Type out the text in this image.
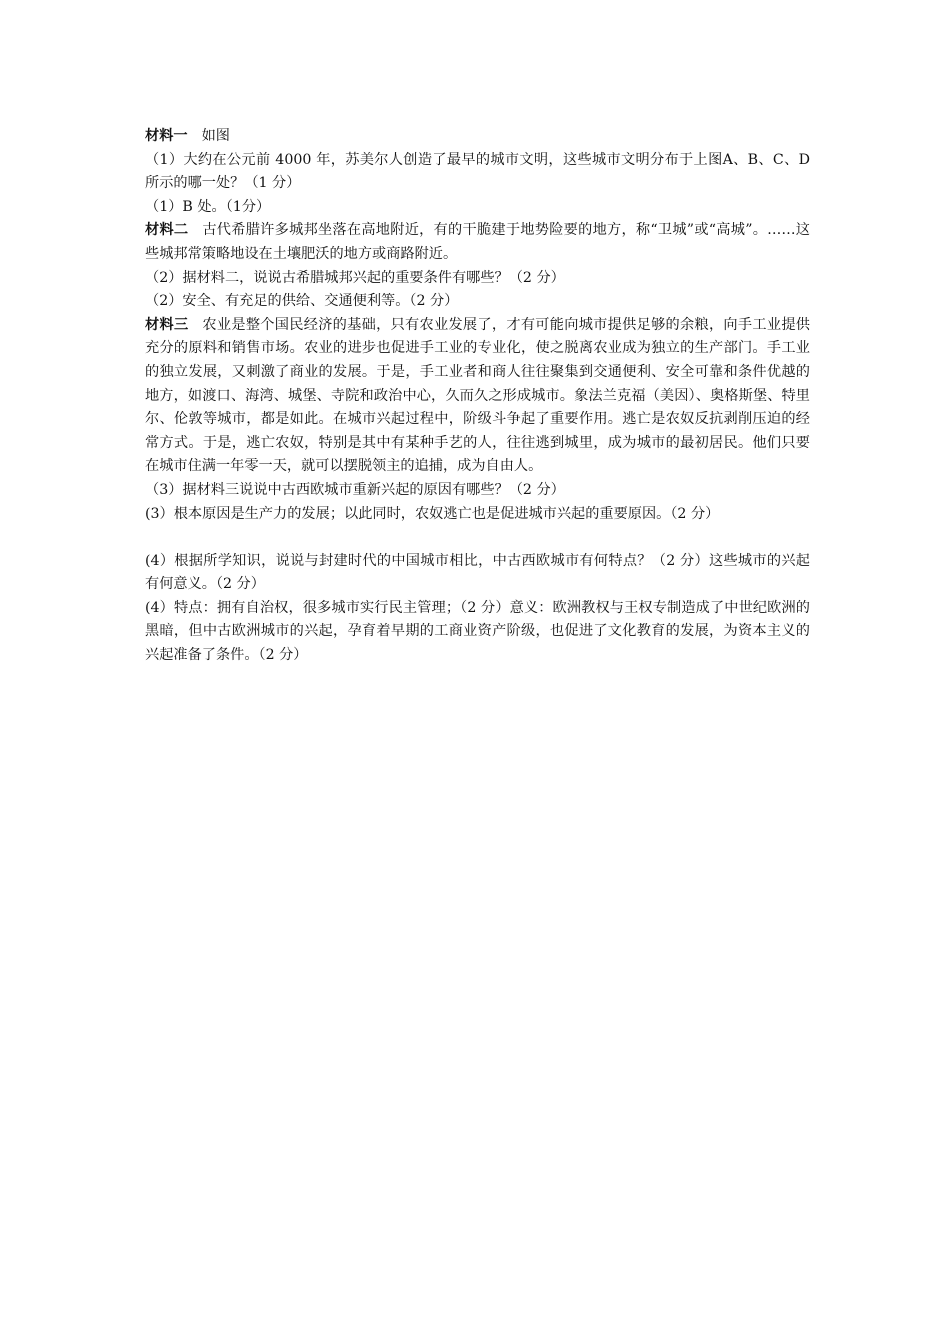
材料一 如图

（1）大约在公元前 4000 年，苏美尔人创造了最早的城市文明，这些城市文明分布于上图A、B、C、D 所示的哪一处？（1 分）

（1）B 处。（1分）

材料二 古代希腊许多城邦坐落在高地附近，有的干脆建于地势险要的地方，称“卫城”或“高城”。……这些城邦常策略地设在土壤肥沃的地方或商路附近。

（2）据材料二，说说古希腊城邦兴起的重要条件有哪些？（2 分）

（2）安全、有充足的供给、交通便利等。（2 分）

材料三 农业是整个国民经济的基础，只有农业发展了，才有可能向城市提供足够的余粮，向手工业提供充分的原料和销售市场。农业的进步也促进手工业的专业化，使之脱离农业成为独立的生产部门。手工业的独立发展，又刺激了商业的发展。于是，手工业者和商人往往聚集到交通便利、安全可靠和条件优越的地方，如渡口、海湾、城堡、寺院和政治中心，久而久之形成城市。象法兰克福（美因）、奥格斯堡、特里尔、伦敦等城市，都是如此。在城市兴起过程中，阶级斗争起了重要作用。逃亡是农奴反抗剥削压迫的经常方式。于是，逃亡农奴，特别是其中有某种手艺的人，往往逃到城里，成为城市的最初居民。他们只要在城市住满一年零一天，就可以摆脱领主的追捕，成为自由人。

（3）据材料三说说中古西欧城市重新兴起的原因有哪些？（2 分）

(3）根本原因是生产力的发展；以此同时，农奴逃亡也是促进城市兴起的重要原因。（2 分）

(4）根据所学知识，说说与封建时代的中国城市相比，中古西欧城市有何特点？（2 分）这些城市的兴起有何意义。（2 分）

(4）特点：拥有自治权，很多城市实行民主管理；（2 分）意义：欧洲教权与王权专制造成了中世纪欧洲的黑暗，但中古欧洲城市的兴起，孕育着早期的工商业资产阶级，也促进了文化教育的发展，为资本主义的兴起准备了条件。（2 分）
